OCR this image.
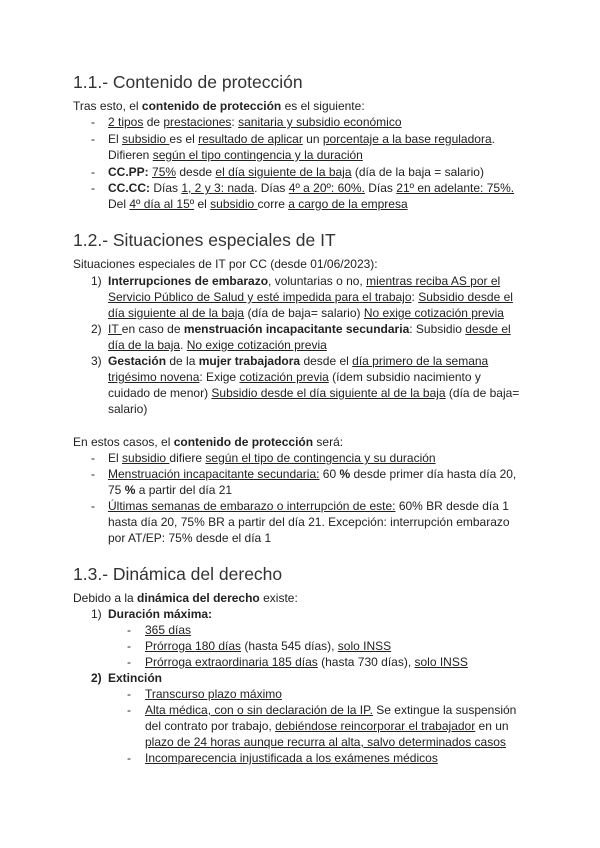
1.1.- Contenido de protección
Tras esto, el contenido de protección es el siguiente:
- 2 tipos de prestaciones: sanitaria y subsidio económico
- El subsidio es el resultado de aplicar un porcentaje a la base reguladora.
Difieren según el tipo contingencia y la duración
- CC.PP: 75% desde el día siguiente de la baja (día de la baja = salario)
- CC.CC: Días 1, 2 y 3: nada. Días 4º a 20º: 60%. Días 21º en adelante: 75%.
Del 4º día al 15º el subsidio corre a cargo de la empresa
1.2.- Situaciones especiales de IT
Situaciones especiales de IT por CC (desde 01/06/2023):
1) Interrupciones de embarazo, voluntarias o no, mientras reciba AS por el
Servicio Público de Salud y esté impedida para el trabajo: Subsidio desde el
día siguiente al de la baja (día de baja= salario) No exige cotización previa
2) IT en caso de menstruación incapacitante secundaria: Subsidio desde el
día de la baja. No exige cotización previa
3) Gestación de la mujer trabajadora desde el día primero de la semana
trigésimo novena: Exige cotización previa (ídem subsidio nacimiento y
cuidado de menor) Subsidio desde el día siguiente al de la baja (día de baja=
salario)
En estos casos, el contenido de protección será:
- El subsidio difiere según el tipo de contingencia y su duración
- Menstruación incapacitante secundaria: 60 % desde primer día hasta día 20,
75 % a partir del día 21
- Últimas semanas de embarazo o interrupción de este: 60% BR desde día 1
hasta día 20, 75% BR a partir del día 21. Excepción: interrupción embarazo
por AT/EP: 75% desde el día 1
1.3.- Dinámica del derecho
Debido a la dinámica del derecho existe:
1) Duración máxima:
- 365 días
- Prórroga 180 días (hasta 545 días), solo INSS
- Prórroga extraordinaria 185 días (hasta 730 días), solo INSS
2) Extinción
- Transcurso plazo máximo
- Alta médica, con o sin declaración de la IP. Se extingue la suspensión
del contrato por trabajo, debiéndose reincorporar el trabajador en un
plazo de 24 horas aunque recurra al alta, salvo determinados casos
- Incomparecencia injustificada a los exámenes médicos
